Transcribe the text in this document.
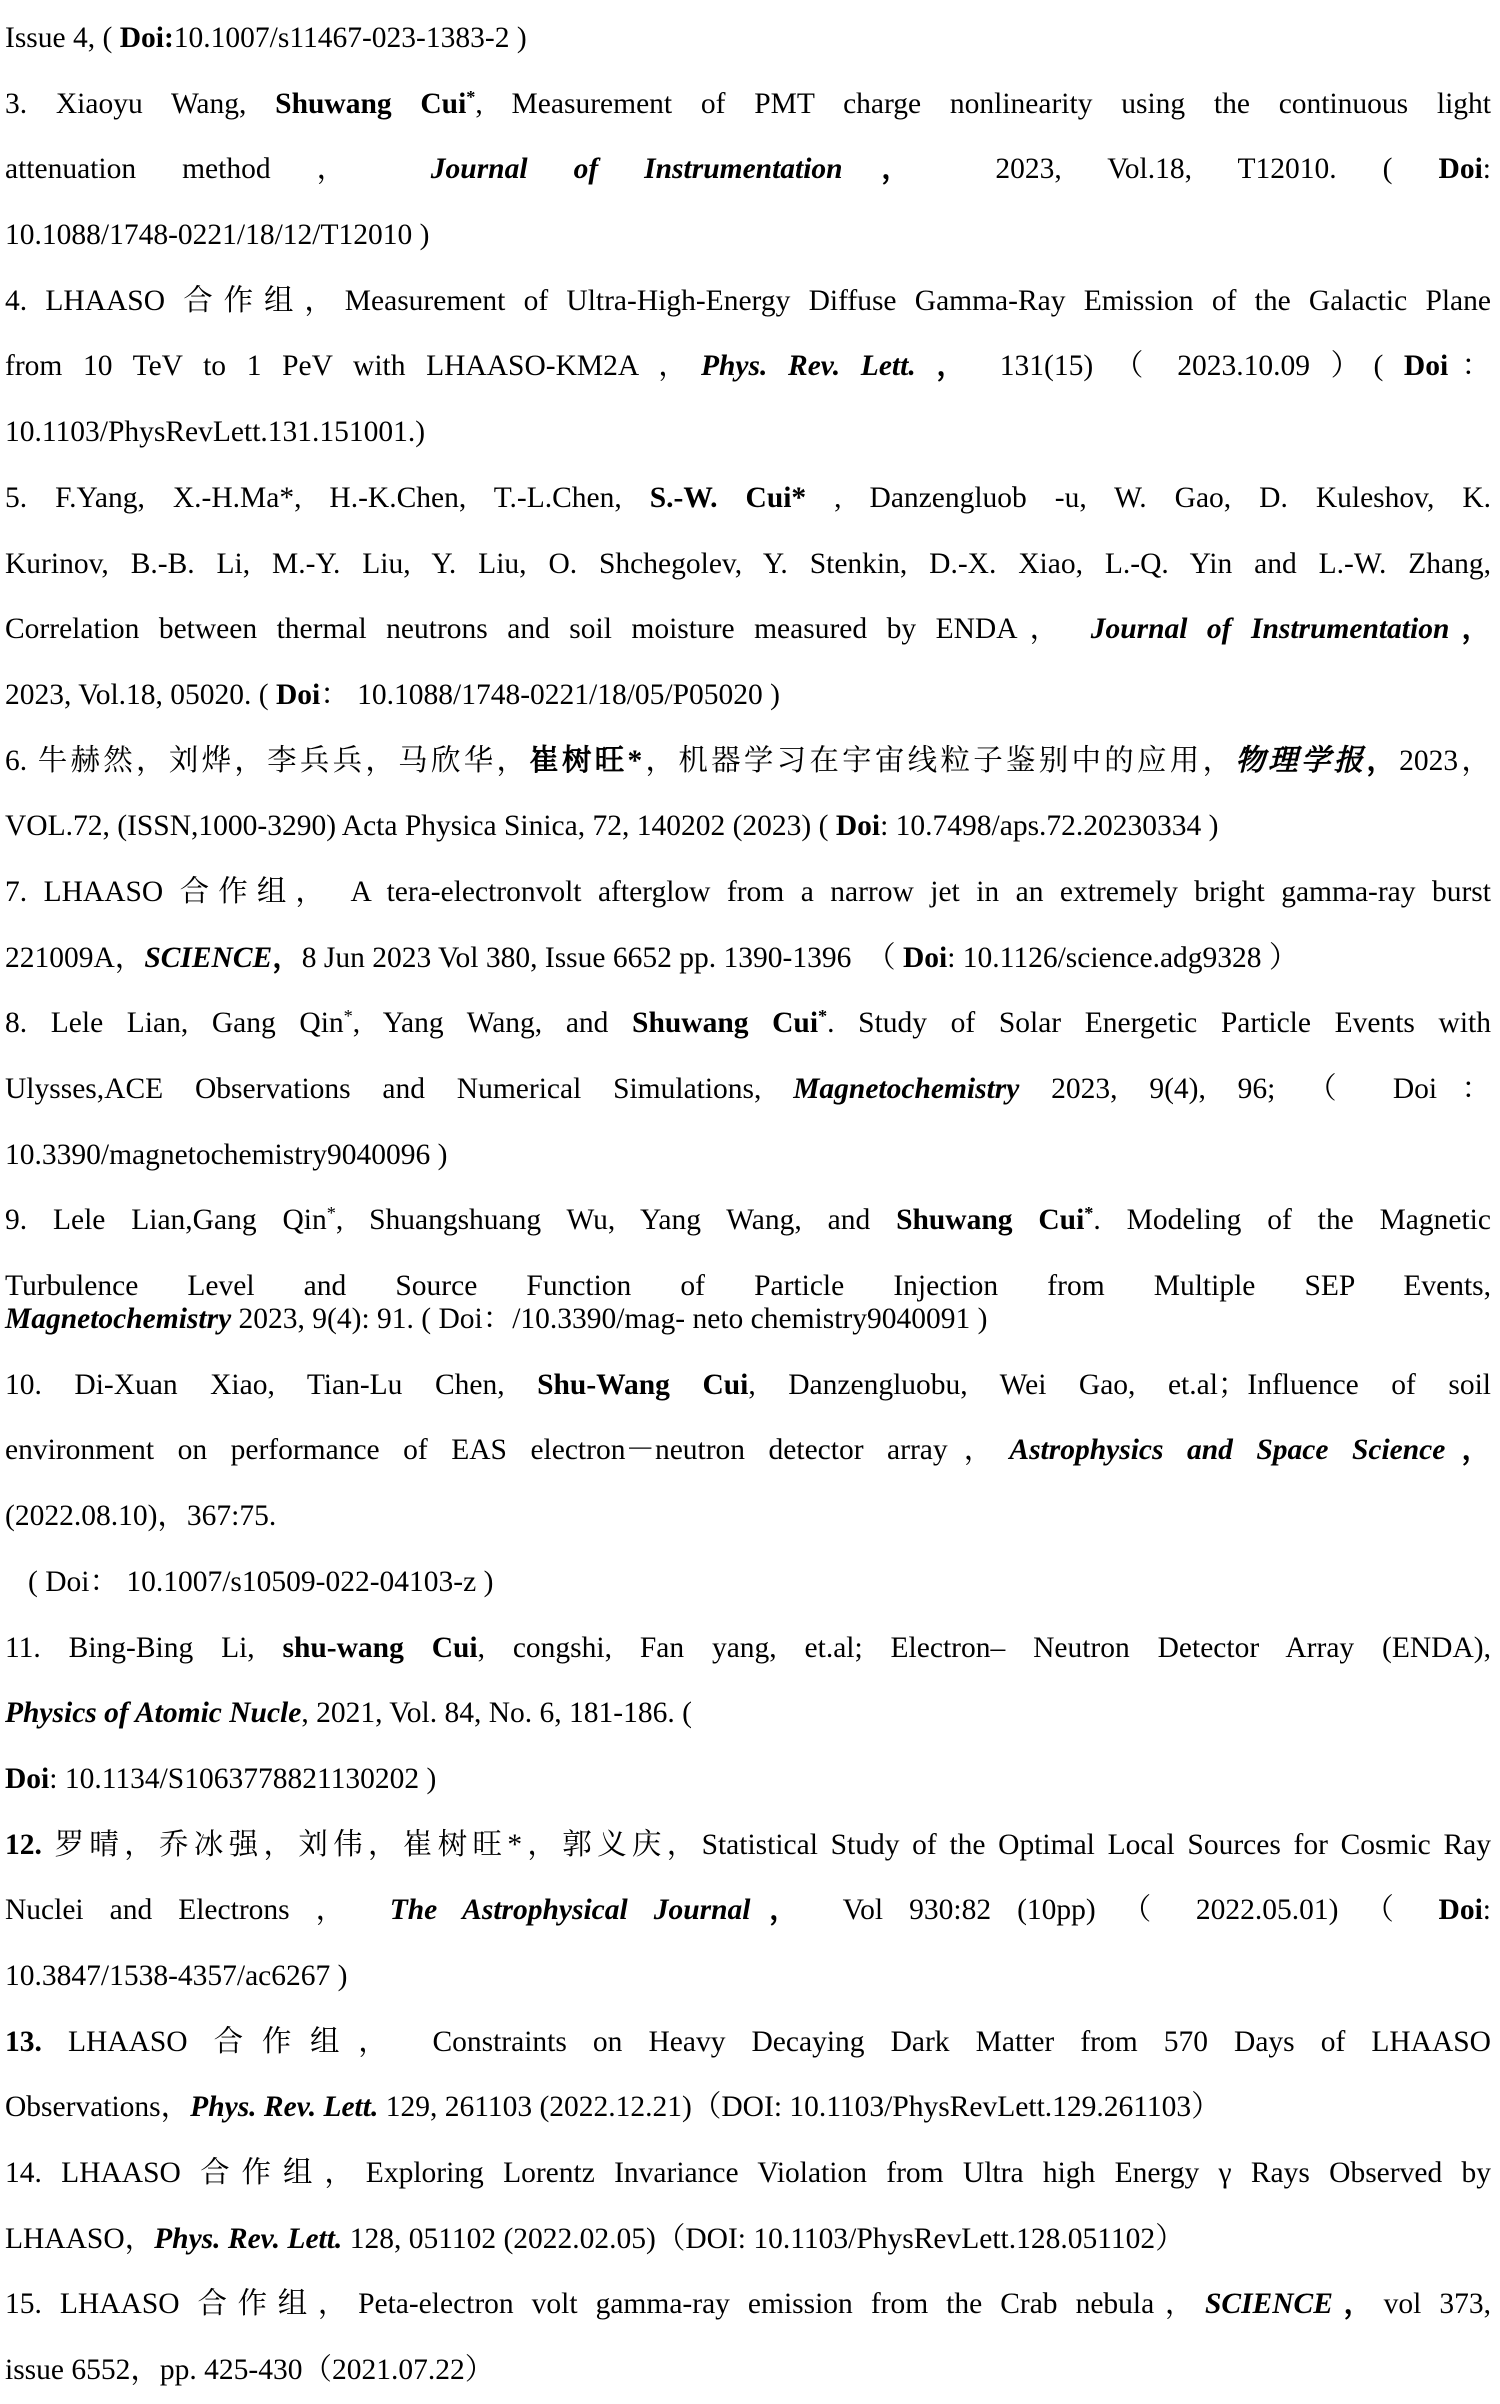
Issue 4, ( Doi:10.1007/s11467-023-1383-2 )
3. Xiaoyu Wang, Shuwang Cui*, Measurement of PMT charge nonlinearity using the continuous light
attenuation method ， Journal of Instrumentation， 2023, Vol.18, T12010. ( Doi:
10.1088/1748-0221/18/12/T12010 )
4. LHAASO 合作组，Measurement of Ultra-High-Energy Diffuse Gamma-Ray Emission of the Galactic Plane
from 10 TeV to 1 PeV with LHAASO-KM2A ，Phys. Rev. Lett. ， 131(15) （ 2023.10.09 ）( Doi：
10.1103/PhysRevLett.131.151001.)
5. F.Yang, X.-H.Ma*, H.-K.Chen, T.-L.Chen, S.-W. Cui* , Danzengluob -u, W. Gao, D. Kuleshov, K.
Kurinov, B.-B. Li, M.-Y. Liu, Y. Liu, O. Shchegolev, Y. Stenkin, D.-X. Xiao, L.-Q. Yin and L.-W. Zhang,
Correlation between thermal neutrons and soil moisture measured by ENDA， Journal of Instrumentation，
2023, Vol.18, 05020. ( Doi： 10.1088/1748-0221/18/05/P05020 )
6. 牛赫然，刘烨，李兵兵，马欣华，崔树旺*，机器学习在宇宙线粒子鉴别中的应用，物理学报，2023，
VOL.72, (ISSN,1000-3290) Acta Physica Sinica, 72, 140202 (2023) ( Doi: 10.7498/aps.72.20230334 )
7. LHAASO 合作组， A tera-electronvolt afterglow from a narrow jet in an extremely bright gamma-ray burst
221009A，SCIENCE，8 Jun 2023 Vol 380, Issue 6652 pp. 1390-1396　（ Doi: 10.1126/science.adg9328 ）
8. Lele Lian, Gang Qin*, Yang Wang, and Shuwang Cui*. Study of Solar Energetic Particle Events with
Ulysses,ACE Observations and Numerical Simulations, Magnetochemistry 2023, 9(4), 96; （ Doi：
10.3390/magnetochemistry9040096 )
9. Lele Lian,Gang Qin*, Shuangshuang Wu, Yang Wang, and Shuwang Cui*. Modeling of the Magnetic
Turbulence Level and Source Function of Particle Injection from Multiple SEP Events,
Magnetochemistry 2023, 9(4): 91. ( Doi：/10.3390/mag- neto chemistry9040091 )
10. Di-Xuan Xiao, Tian-Lu Chen, Shu-Wang Cui, Danzengluobu, Wei Gao, et.al；Influence of soil
environment on performance of EAS electron－neutron detector array，Astrophysics and Space Science，
(2022.08.10)，367:75.
( Doi： 10.1007/s10509-022-04103-z )
11. Bing-Bing Li, shu-wang Cui, congshi, Fan yang, et.al; Electron– Neutron Detector Array (ENDA),
Physics of Atomic Nucle, 2021, Vol. 84, No. 6, 181-186. (
Doi: 10.1134/S1063778821130202 )
12. 罗晴，乔冰强，刘伟，崔树旺*，郭义庆，Statistical Study of the Optimal Local Sources for Cosmic Ray
Nuclei and Electrons ， The Astrophysical Journal， Vol 930:82 (10pp) （ 2022.05.01) （ Doi:
10.3847/1538-4357/ac6267 )
13. LHAASO 合作组， Constraints on Heavy Decaying Dark Matter from 570 Days of LHAASO
Observations，Phys. Rev. Lett. 129, 261103 (2022.12.21)（DOI: 10.1103/PhysRevLett.129.261103）
14. LHAASO 合作组，Exploring Lorentz Invariance Violation from Ultra high Energy γ Rays Observed by
LHAASO，Phys. Rev. Lett. 128, 051102 (2022.02.05)（DOI: 10.1103/PhysRevLett.128.051102）
15. LHAASO 合作组，Peta-electron volt gamma-ray emission from the Crab nebula，SCIENCE，vol 373,
issue 6552，pp. 425-430（2021.07.22）
